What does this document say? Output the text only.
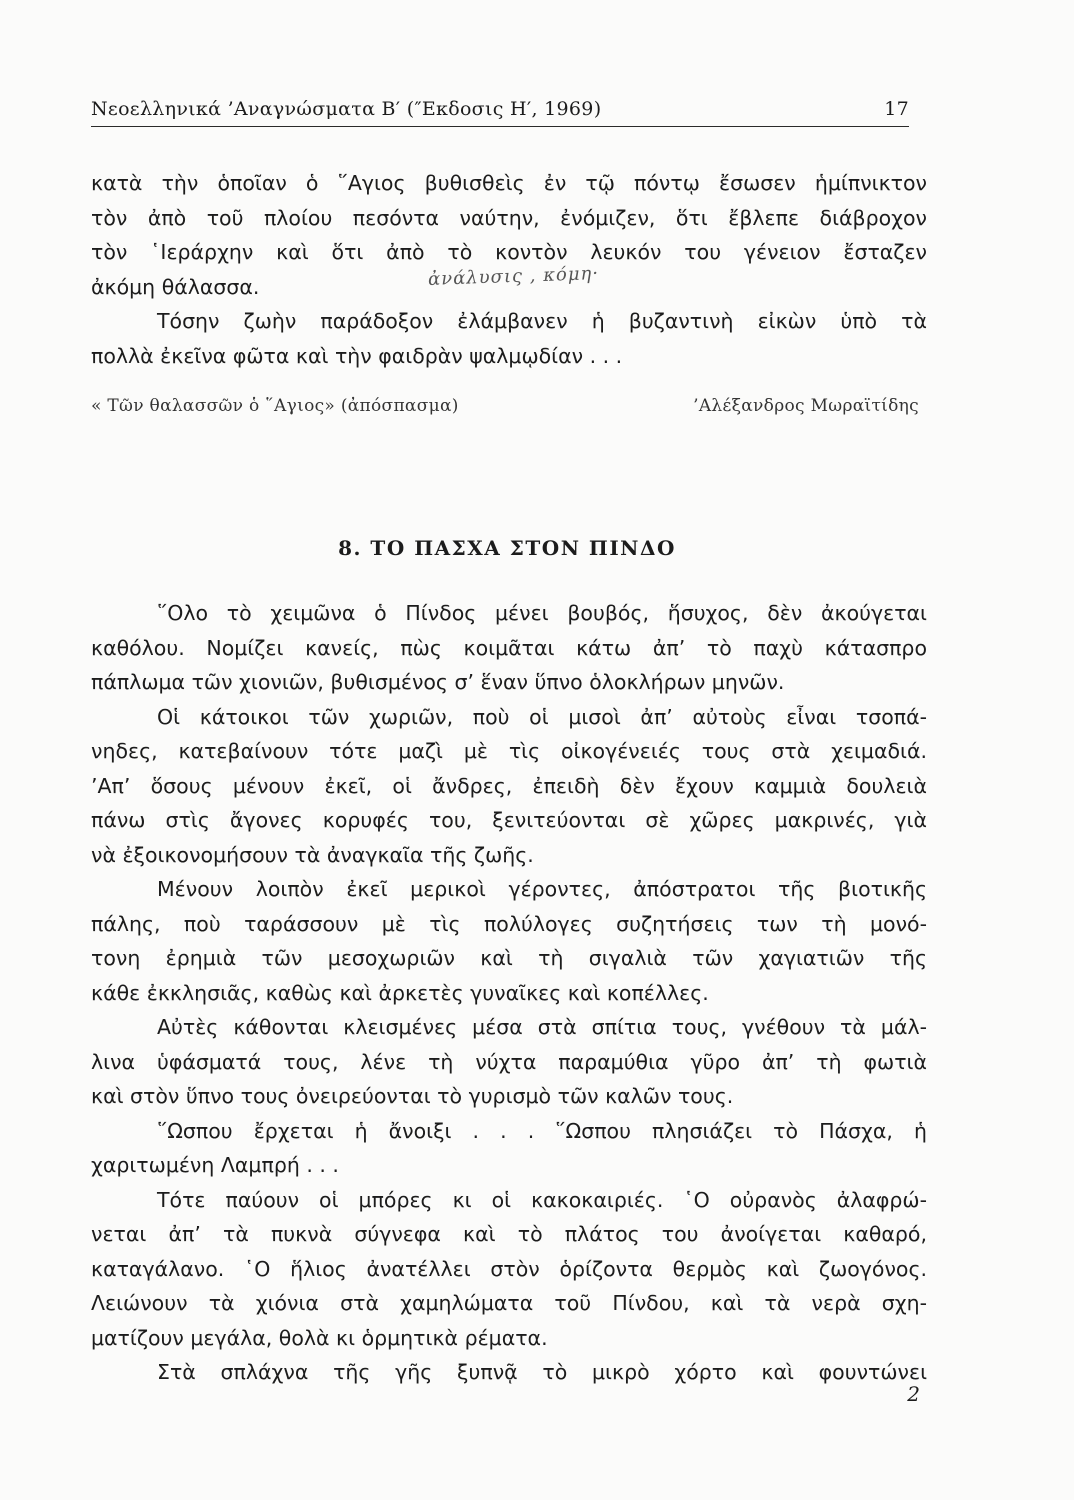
Νεοελληνικά ’Αναγνώσματα Β′ (″Εκδοσις Η′, 1969)	17
κατὰ τὴν ὁποῖαν ὁ ῞Αγιος βυθισθεὶς ἐν τῷ πόντῳ ἔσωσεν ἡμίπνικτον
τὸν ἀπὸ τοῦ πλοίου πεσόντα ναύτην, ἐνόμιζεν, ὅτι ἔβλεπε διάβροχον
τὸν ῾Ιεράρχην καὶ ὅτι ἀπὸ τὸ κοντὸν λευκόν του γένειον ἔσταζεν
ἀκόμη θάλασσα.	ἀνάλυσις , κόμη·
Τόσην ζωὴν παράδοξον ἐλάμβανεν ἡ βυζαντινὴ εἰκὼν ὑπὸ τὰ
πολλὰ ἐκεῖνα φῶτα καὶ τὴν φαιδρὰν ψαλμῳδίαν . . .
« Τῶν θαλασσῶν ὁ ῞Αγιος» (ἀπόσπασμα)	’Αλέξανδρος Μωραϊτίδης
8. ΤΟ ΠΑΣΧΑ ΣΤΟΝ ΠΙΝΔΟ
῞Ολο τὸ χειμῶνα ὁ Πίνδος μένει βουβός, ἥσυχος, δὲν ἀκούγεται
καθόλου. Νομίζει κανείς, πὼς κοιμᾶται κάτω ἀπ’ τὸ παχὺ κάτασπρο
πάπλωμα τῶν χιονιῶν, βυθισμένος σ’ ἕναν ὕπνο ὁλοκλήρων μηνῶν.
Οἱ κάτοικοι τῶν χωριῶν, ποὺ οἱ μισοὶ ἀπ’ αὐτοὺς εἶναι τσοπά-
νηδες, κατεβαίνουν τότε μαζὶ μὲ τὶς οἰκογένειές τους στὰ χειμαδιά.
’Απ’ ὅσους μένουν ἐκεῖ, οἱ ἄνδρες, ἐπειδὴ δὲν ἔχουν καμμιὰ δουλειὰ
πάνω στὶς ἄγονες κορυφές του, ξενιτεύονται σὲ χῶρες μακρινές, γιὰ
νὰ ἐξοικονομήσουν τὰ ἀναγκαῖα τῆς ζωῆς.
Μένουν λοιπὸν ἐκεῖ μερικοὶ γέροντες, ἀπόστρατοι τῆς βιοτικῆς
πάλης, ποὺ ταράσσουν μὲ τὶς πολύλογες συζητήσεις των τὴ μονό-
τονη ἐρημιὰ τῶν μεσοχωριῶν καὶ τὴ σιγαλιὰ τῶν χαγιατιῶν τῆς
κάθε ἐκκλησιᾶς, καθὼς καὶ ἀρκετὲς γυναῖκες καὶ κοπέλλες.
Αὐτὲς κάθονται κλεισμένες μέσα στὰ σπίτια τους, γνέθουν τὰ μάλ-
λινα ὑφάσματά τους, λένε τὴ νύχτα παραμύθια γῦρο ἀπ’ τὴ φωτιὰ
καὶ στὸν ὕπνο τους ὀνειρεύονται τὸ γυρισμὸ τῶν καλῶν τους.
῞Ωσπου ἔρχεται ἡ ἄνοιξι . . . ῞Ωσπου πλησιάζει τὸ Πάσχα, ἡ
χαριτωμένη Λαμπρή . . .
Τότε παύουν οἱ μπόρες κι οἱ κακοκαιριές. ῾Ο οὐρανὸς ἀλαφρώ-
νεται ἀπ’ τὰ πυκνὰ σύγνεφα καὶ τὸ πλάτος του ἀνοίγεται καθαρό,
καταγάλανο. ῾Ο ἥλιος ἀνατέλλει στὸν ὁρίζοντα θερμὸς καὶ ζωογόνος.
Λειώνουν τὰ χιόνια στὰ χαμηλώματα τοῦ Πίνδου, καὶ τὰ νερὰ σχη-
ματίζουν μεγάλα, θολὰ κι ὁρμητικὰ ρέματα.
Στὰ σπλάχνα τῆς γῆς ξυπνᾷ τὸ μικρὸ χόρτο καὶ φουντώνει
2
